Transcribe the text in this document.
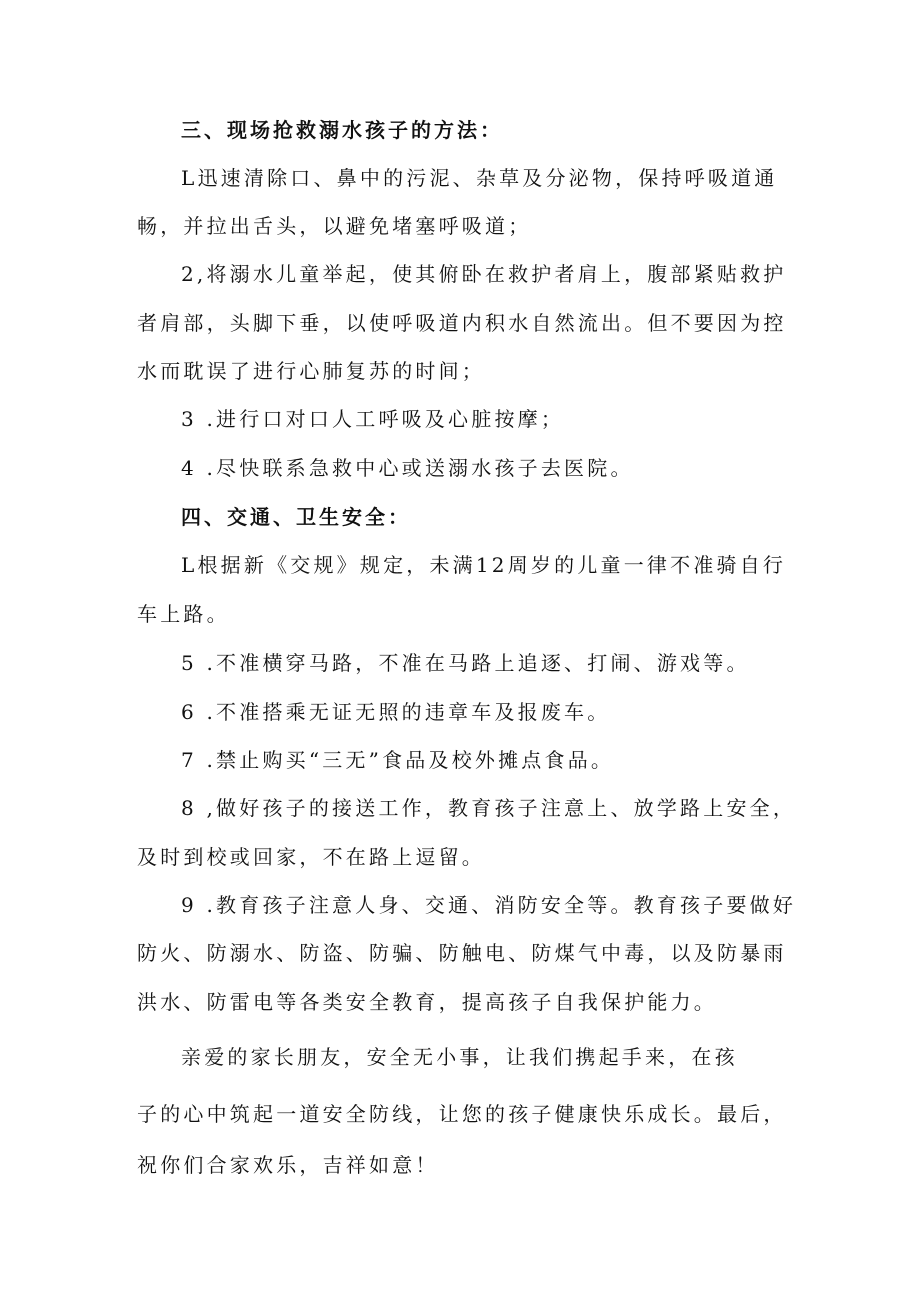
三、现场抢救溺水孩子的方法：
L迅速清除口、鼻中的污泥、杂草及分泌物，保持呼吸道通
畅，并拉出舌头，以避免堵塞呼吸道；
2,将溺水儿童举起，使其俯卧在救护者肩上，腹部紧贴救护
者肩部，头脚下垂，以使呼吸道内积水自然流出。但不要因为控
水而耽误了进行心肺复苏的时间；
3 .进行口对口人工呼吸及心脏按摩；
4 .尽快联系急救中心或送溺水孩子去医院。
四、交通、卫生安全：
L根据新《交规》规定，未满12周岁的儿童一律不准骑自行
车上路。
5 .不准横穿马路，不准在马路上追逐、打闹、游戏等。
6 .不准搭乘无证无照的违章车及报废车。
7 .禁止购买“三无”食品及校外摊点食品。
8 ,做好孩子的接送工作，教育孩子注意上、放学路上安全，
及时到校或回家，不在路上逗留。
9 .教育孩子注意人身、交通、消防安全等。教育孩子要做好
防火、防溺水、防盗、防骗、防触电、防煤气中毒，以及防暴雨
洪水、防雷电等各类安全教育，提高孩子自我保护能力。
亲爱的家长朋友，安全无小事，让我们携起手来，在孩
子的心中筑起一道安全防线，让您的孩子健康快乐成长。最后，
祝你们合家欢乐，吉祥如意！
